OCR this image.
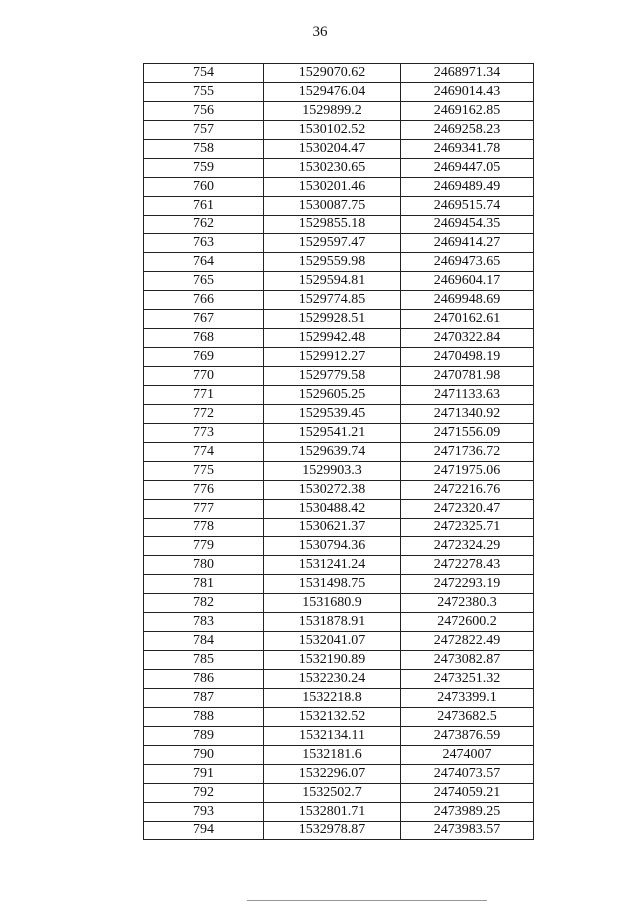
36
754	1529070.62	2468971.34
755	1529476.04	2469014.43
756	1529899.2	2469162.85
757	1530102.52	2469258.23
758	1530204.47	2469341.78
759	1530230.65	2469447.05
760	1530201.46	2469489.49
761	1530087.75	2469515.74
762	1529855.18	2469454.35
763	1529597.47	2469414.27
764	1529559.98	2469473.65
765	1529594.81	2469604.17
766	1529774.85	2469948.69
767	1529928.51	2470162.61
768	1529942.48	2470322.84
769	1529912.27	2470498.19
770	1529779.58	2470781.98
771	1529605.25	2471133.63
772	1529539.45	2471340.92
773	1529541.21	2471556.09
774	1529639.74	2471736.72
775	1529903.3	2471975.06
776	1530272.38	2472216.76
777	1530488.42	2472320.47
778	1530621.37	2472325.71
779	1530794.36	2472324.29
780	1531241.24	2472278.43
781	1531498.75	2472293.19
782	1531680.9	2472380.3
783	1531878.91	2472600.2
784	1532041.07	2472822.49
785	1532190.89	2473082.87
786	1532230.24	2473251.32
787	1532218.8	2473399.1
788	1532132.52	2473682.5
789	1532134.11	2473876.59
790	1532181.6	2474007
791	1532296.07	2474073.57
792	1532502.7	2474059.21
793	1532801.71	2473989.25
794	1532978.87	2473983.57
